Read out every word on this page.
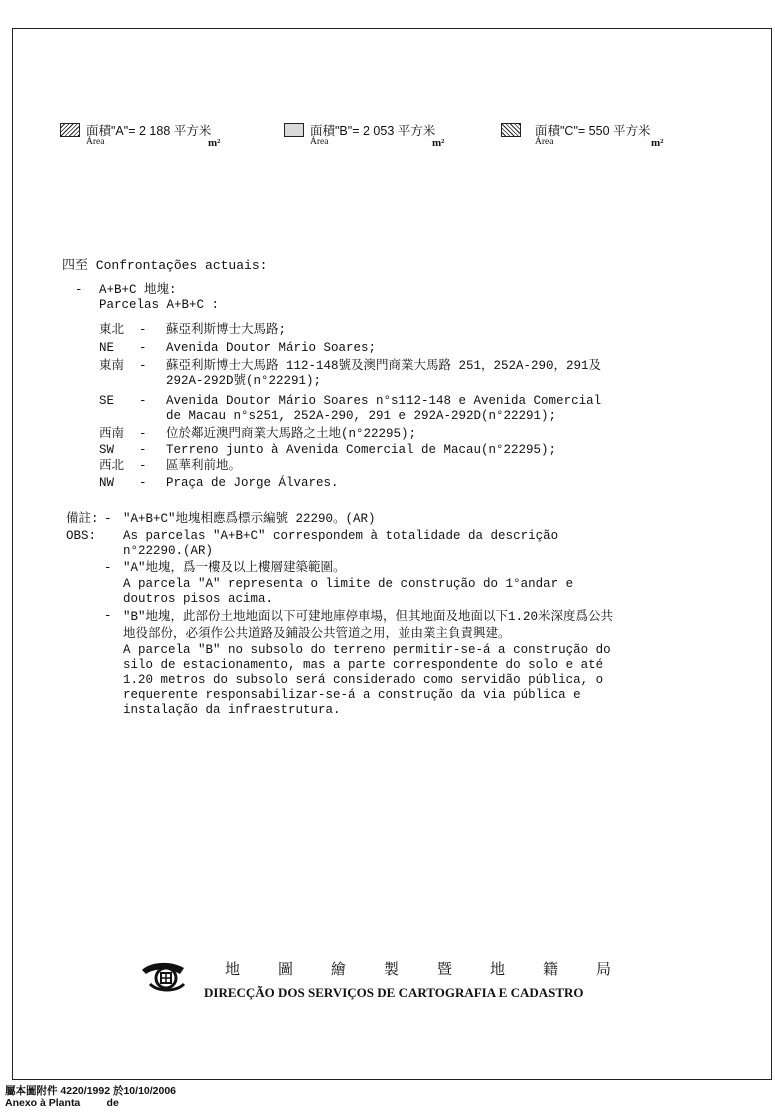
面積"A"= 2 188 平方米
Área	m²
面積"B"= 2 053 平方米
Área	m²
面積"C"= 550 平方米
Área	m²
四至 Confrontações actuais:
- A+B+C 地塊:
Parcelas A+B+C :
東北 - 蘇亞利斯博士大馬路;
NE - Avenida Doutor Mário Soares;
東南 - 蘇亞利斯博士大馬路 112-148號及澳門商業大馬路 251，252A-290，291及
292A-292D號(n°22291);
SE - Avenida Doutor Mário Soares n°s112-148 e Avenida Comercial
de Macau n°s251, 252A-290, 291 e 292A-292D(n°22291);
西南 - 位於鄰近澳門商業大馬路之土地(n°22295);
SW - Terreno junto à Avenida Comercial de Macau(n°22295);
西北 - 區華利前地。
NW - Praça de Jorge Álvares.
備註: - "A+B+C"地塊相應爲標示編號 22290。(AR)
OBS: As parcelas "A+B+C" correspondem à totalidade da descrição
n°22290.(AR)
- "A"地塊，爲一樓及以上樓層建築範圍。
A parcela "A" representa o limite de construção do 1°andar e
doutros pisos acima.
- "B"地塊，此部份土地地面以下可建地庫停車場，但其地面及地面以下1.20米深度爲公共
地役部份，必須作公共道路及鋪設公共管道之用，並由業主負責興建。
A parcela "B" no subsolo do terreno permitir-se-á a construção do
silo de estacionamento, mas a parte correspondente do solo e até
1.20 metros do subsolo será considerado como servidão pública, o
requerente responsabilizar-se-á a construção da via pública e
instalação da infraestrutura.
地圖繪製暨地籍局
DIRECÇÃO DOS SERVIÇOS DE CARTOGRAFIA E CADASTRO
屬本圖附件 4220/1992 於10/10/2006
Anexo à Planta         de
